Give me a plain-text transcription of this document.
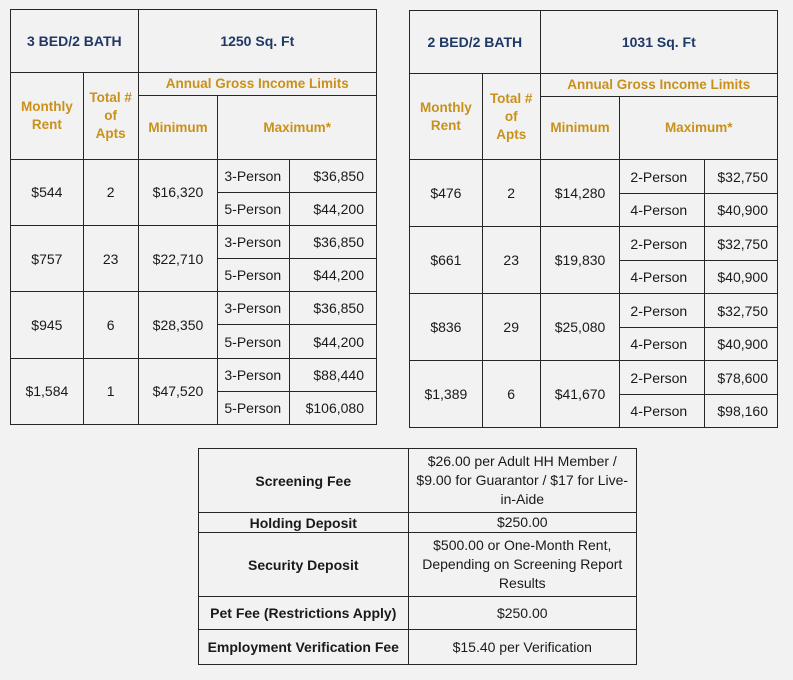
3 BED/2 BATH		1250 Sq. Ft		
Monthly Rent	Total # of Apts	Annual Gross Income Limits		
		Minimum	Maximum*	
$544	2	$16,320	3-Person	$36,850
			5-Person	$44,200
$757	23	$22,710	3-Person	$36,850
			5-Person	$44,200
$945	6	$28,350	3-Person	$36,850
			5-Person	$44,200
$1,584	1	$47,520	3-Person	$88,440
			5-Person	$106,080
2 BED/2 BATH		1031 Sq. Ft		
Monthly Rent	Total # of Apts	Annual Gross Income Limits		
		Minimum	Maximum*	
$476	2	$14,280	2-Person	$32,750
			4-Person	$40,900
$661	23	$19,830	2-Person	$32,750
			4-Person	$40,900
$836	29	$25,080	2-Person	$32,750
			4-Person	$40,900
$1,389	6	$41,670	2-Person	$78,600
			4-Person	$98,160
Screening Fee	$26.00 per Adult HH Member / $9.00 for Guarantor / $17 for Live-in-Aide
Holding Deposit	$250.00
Security Deposit	$500.00 or One-Month Rent, Depending on Screening Report Results
Pet Fee (Restrictions Apply)	$250.00
Employment Verification Fee	$15.40 per Verification
